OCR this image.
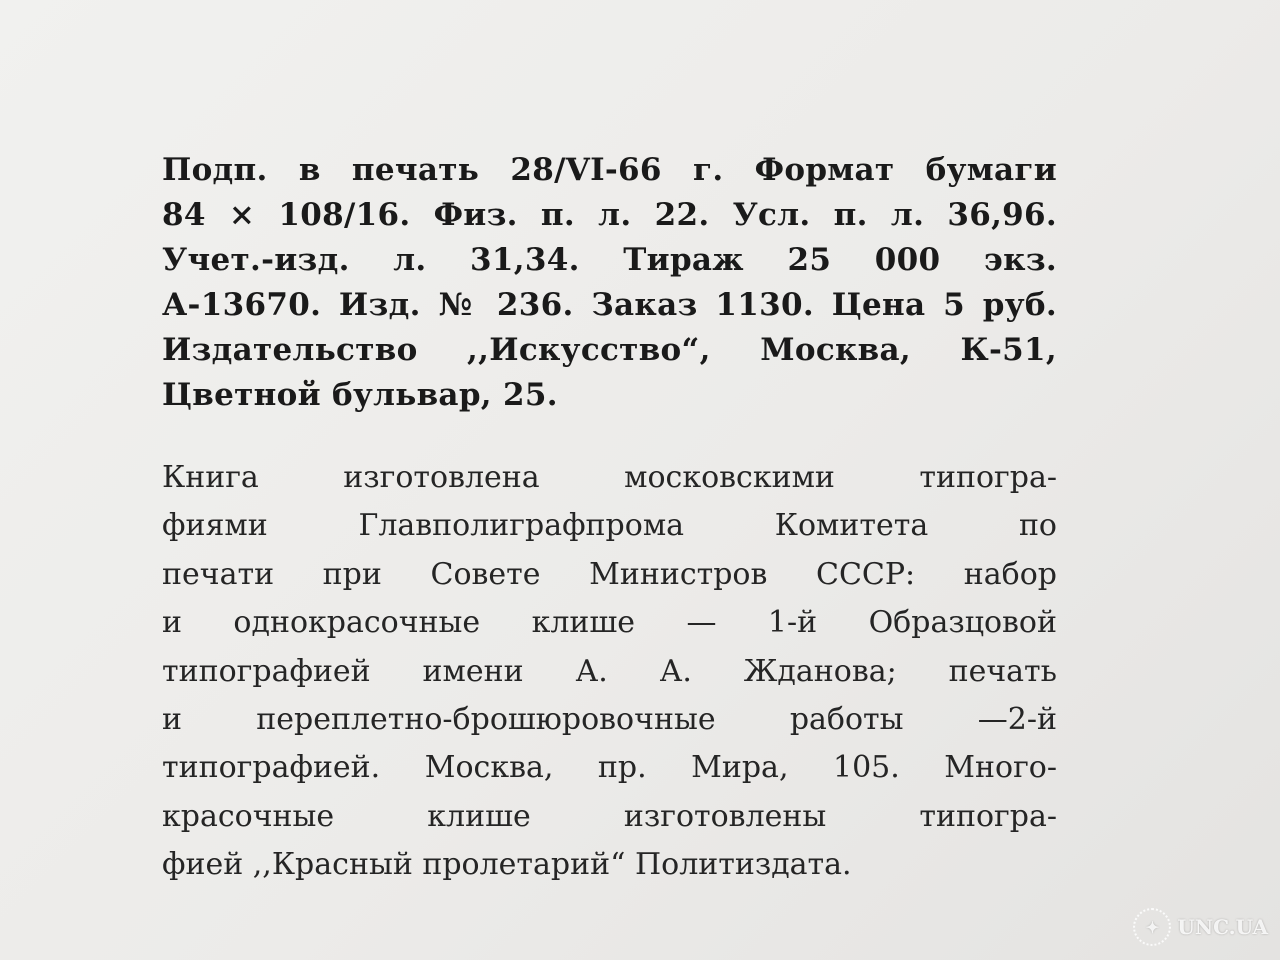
Подп. в печать 28/VI-66 г. Формат бумаги
84 × 108/16. Физ. п. л. 22. Усл. п. л. 36,96.
Учет.-изд. л. 31,34. Тираж 25 000 экз.
А-13670. Изд. № 236. Заказ 1130. Цена 5 руб.
Издательство ,,Искусство“, Москва, К-51,
Цветной бульвар, 25.
Книга изготовлена московскими типогра-
фиями Главполиграфпрома Комитета по
печати при Совете Министров СССР: набор
и однокрасочные клише — 1-й Образцовой
типографией имени А. А. Жданова; печать
и переплетно-брошюровочные работы —2-й
типографией. Москва, пр. Мира, 105. Много-
красочные клише изготовлены типогра-
фией ,,Красный пролетарий“ Политиздата.
✦ UNC.UA
